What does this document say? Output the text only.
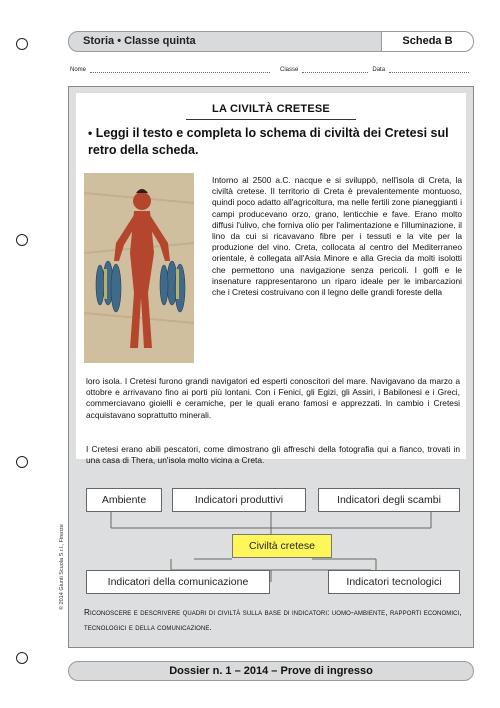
Storia • Classe quinta	Scheda B
Nome	Classe	Data
LA CIVILTÀ CRETESE
• Leggi il testo e completa lo schema di civiltà dei Cretesi sul retro della scheda.
Intorno al 2500 a.C. nacque e si sviluppò, nell'isola di Creta, la civiltà cretese. Il territorio di Creta è prevalentemente montuoso, quindi poco adatto all'agricoltura, ma nelle fertili zone pianeggianti i campi producevano orzo, grano, lenticchie e fave. Erano molto diffusi l'ulivo, che forniva olio per l'alimentazione e l'illuminazione, il lino da cui si ricavavano fibre per i tessuti e la vite per la produzione del vino. Creta, collocata al centro del Mediterraneo orientale, è collegata all'Asia Minore e alla Grecia da molti isolotti che permettono una navigazione senza pericoli. I golfi e le insenature rappresentarono un riparo ideale per le imbarcazioni che i Cretesi costruivano con il legno delle grandi foreste della
loro isola. I Cretesi furono grandi navigatori ed esperti conoscitori del mare. Navigavano da marzo a ottobre e arrivavano fino ai porti più lontani. Con i Fenici, gli Egizi, gli Assiri, i Babilonesi e i Greci, commerciavano gioielli e ceramiche, per le quali erano famosi e apprezzati. In cambio i Cretesi acquistavano soprattutto minerali.
I Cretesi erano abili pescatori, come dimostrano gli affreschi della fotografia qui a fianco, trovati in una casa di Thera, un'isola molto vicina a Creta.
Ambiente	Indicatori produttivi	Indicatori degli scambi
Civiltà cretese
Indicatori della comunicazione	Indicatori tecnologici
Riconoscere e descrivere quadri di civiltà sulla base di indicatori: uomo-ambiente, rapporti economici, tecnologici e della comunicazione.
© 2014 Giunti Scuola S.r.l., Firenze
Dossier n. 1 – 2014 – Prove di ingresso
